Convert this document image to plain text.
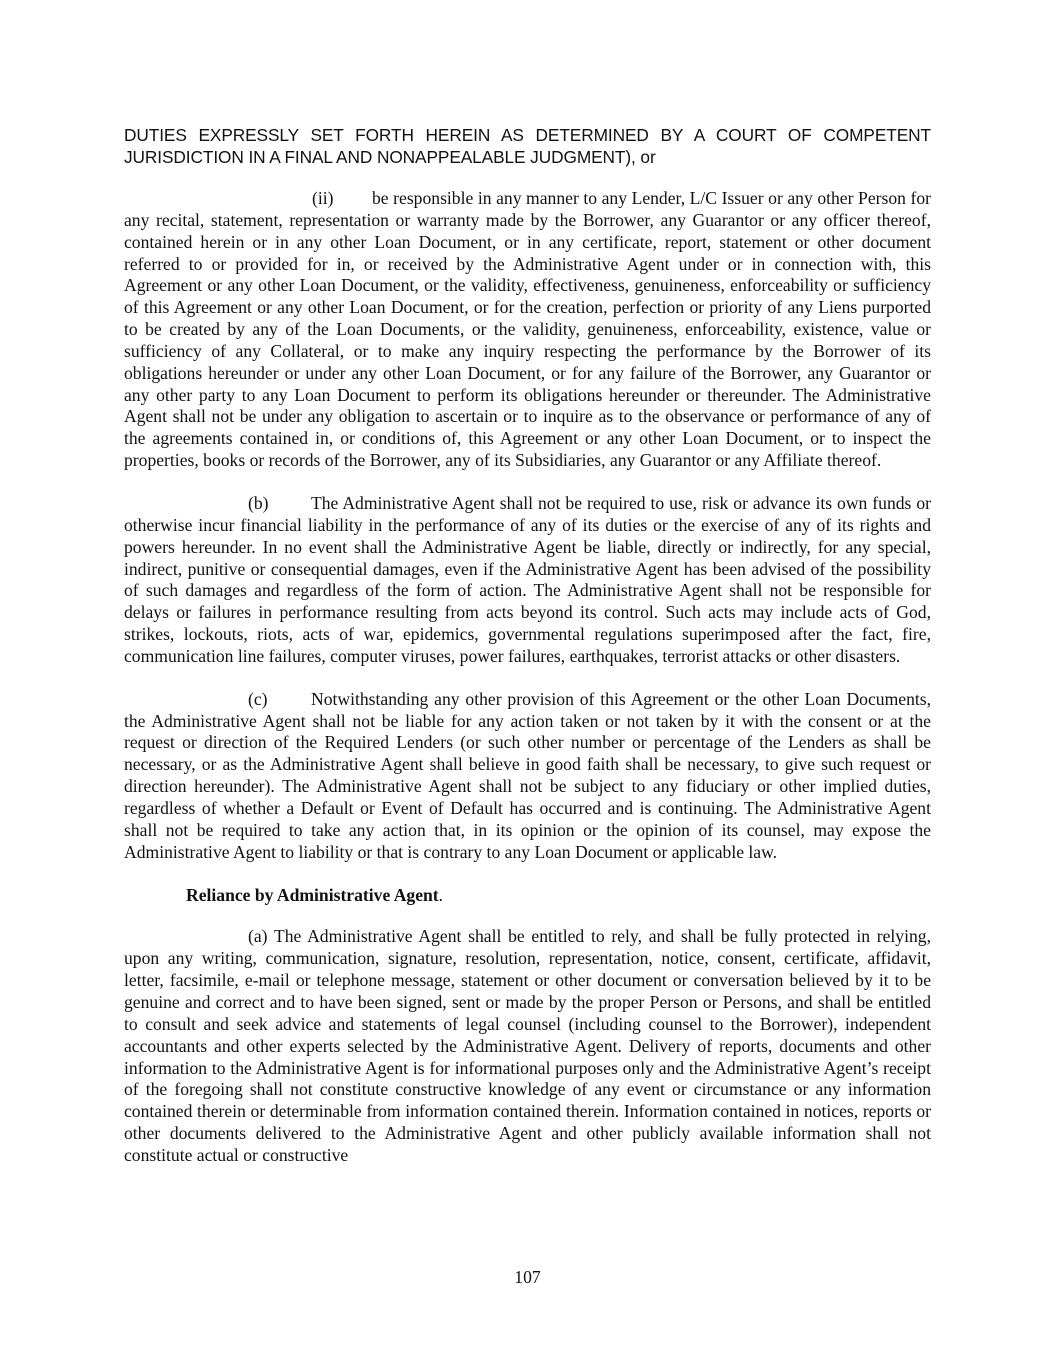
DUTIES EXPRESSLY SET FORTH HEREIN AS DETERMINED BY A COURT OF COMPETENT JURISDICTION IN A FINAL AND NONAPPEALABLE JUDGMENT), or

(ii) be responsible in any manner to any Lender, L/C Issuer or any other Person for any recital, statement, representation or warranty made by the Borrower, any Guarantor or any officer thereof, contained herein or in any other Loan Document, or in any certificate, report, statement or other document referred to or provided for in, or received by the Administrative Agent under or in connection with, this Agreement or any other Loan Document, or the validity, effectiveness, genuineness, enforceability or sufficiency of this Agreement or any other Loan Document, or for the creation, perfection or priority of any Liens purported to be created by any of the Loan Documents, or the validity, genuineness, enforceability, existence, value or sufficiency of any Collateral, or to make any inquiry respecting the performance by the Borrower of its obligations hereunder or under any other Loan Document, or for any failure of the Borrower, any Guarantor or any other party to any Loan Document to perform its obligations hereunder or thereunder. The Administrative Agent shall not be under any obligation to ascertain or to inquire as to the observance or performance of any of the agreements contained in, or conditions of, this Agreement or any other Loan Document, or to inspect the properties, books or records of the Borrower, any of its Subsidiaries, any Guarantor or any Affiliate thereof.

(b) The Administrative Agent shall not be required to use, risk or advance its own funds or otherwise incur financial liability in the performance of any of its duties or the exercise of any of its rights and powers hereunder. In no event shall the Administrative Agent be liable, directly or indirectly, for any special, indirect, punitive or consequential damages, even if the Administrative Agent has been advised of the possibility of such damages and regardless of the form of action. The Administrative Agent shall not be responsible for delays or failures in performance resulting from acts beyond its control. Such acts may include acts of God, strikes, lockouts, riots, acts of war, epidemics, governmental regulations superimposed after the fact, fire, communication line failures, computer viruses, power failures, earthquakes, terrorist attacks or other disasters.

(c) Notwithstanding any other provision of this Agreement or the other Loan Documents, the Administrative Agent shall not be liable for any action taken or not taken by it with the consent or at the request or direction of the Required Lenders (or such other number or percentage of the Lenders as shall be necessary, or as the Administrative Agent shall believe in good faith shall be necessary, to give such request or direction hereunder). The Administrative Agent shall not be subject to any fiduciary or other implied duties, regardless of whether a Default or Event of Default has occurred and is continuing. The Administrative Agent shall not be required to take any action that, in its opinion or the opinion of its counsel, may expose the Administrative Agent to liability or that is contrary to any Loan Document or applicable law.

Reliance by Administrative Agent.

(a) The Administrative Agent shall be entitled to rely, and shall be fully protected in relying, upon any writing, communication, signature, resolution, representation, notice, consent, certificate, affidavit, letter, facsimile, e-mail or telephone message, statement or other document or conversation believed by it to be genuine and correct and to have been signed, sent or made by the proper Person or Persons, and shall be entitled to consult and seek advice and statements of legal counsel (including counsel to the Borrower), independent accountants and other experts selected by the Administrative Agent. Delivery of reports, documents and other information to the Administrative Agent is for informational purposes only and the Administrative Agent’s receipt of the foregoing shall not constitute constructive knowledge of any event or circumstance or any information contained therein or determinable from information contained therein. Information contained in notices, reports or other documents delivered to the Administrative Agent and other publicly available information shall not constitute actual or constructive

107
